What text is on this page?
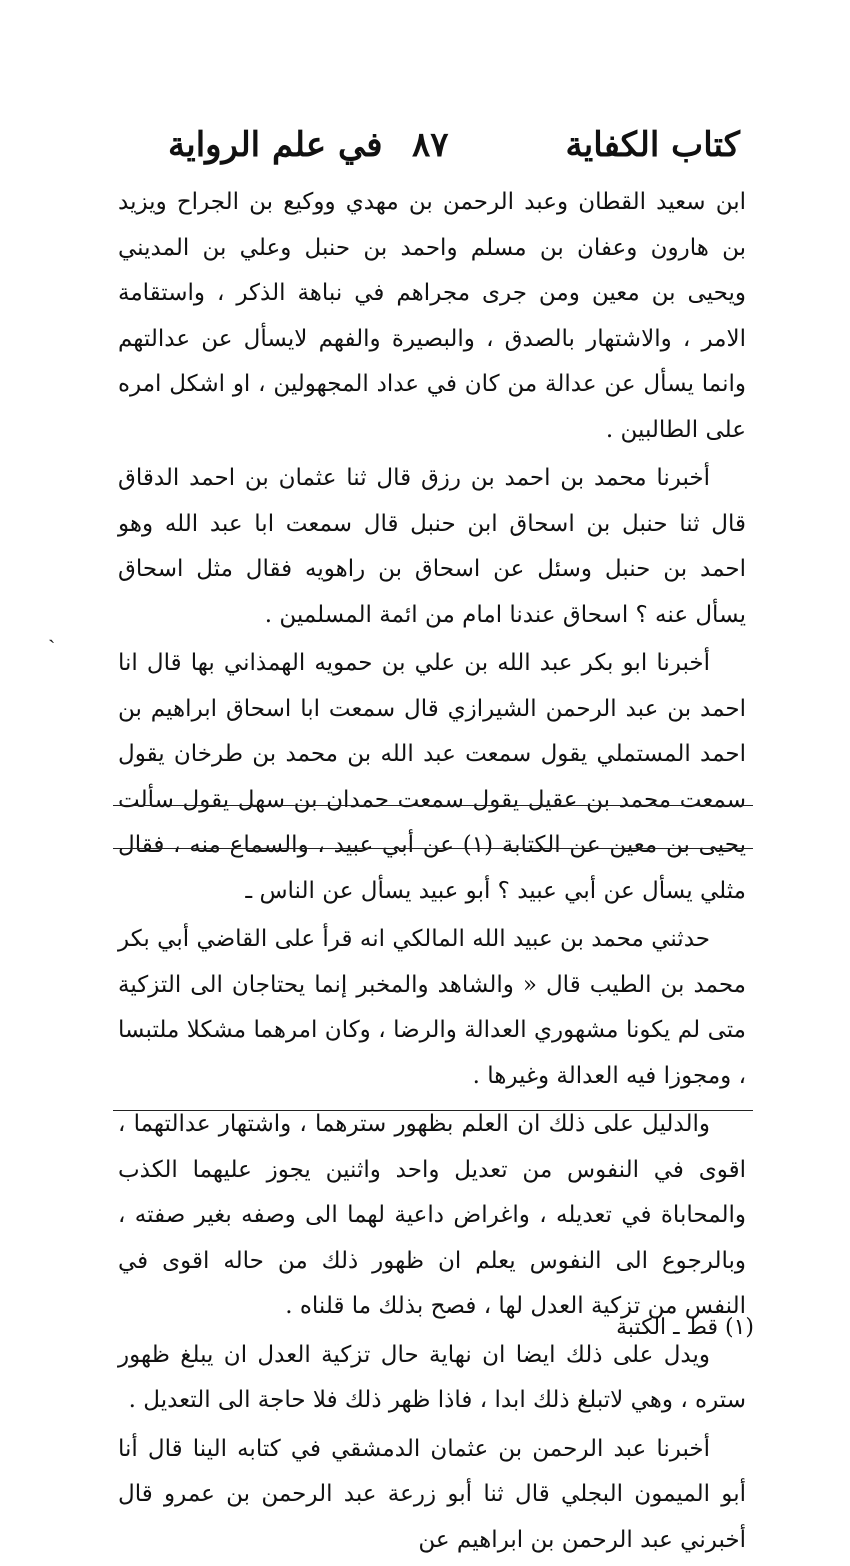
كتاب الكفاية
٨٧
في علم الرواية

ابن سعيد القطان وعبد الرحمن بن مهدي ووكيع بن الجراح ويزيد بن هارون وعفان بن مسلم واحمد بن حنبل وعلي بن المديني ويحيى بن معين ومن جرى مجراهم في نباهة الذكر ، واستقامة الامر ، والاشتهار بالصدق ، والبصيرة والفهم لايسأل عن عدالتهم وانما يسأل عن عدالة من كان في عداد المجهولين ، او اشكل امره على الطالبين .

أخبرنا محمد بن احمد بن رزق قال ثنا عثمان بن احمد الدقاق قال ثنا حنبل بن اسحاق ابن حنبل قال سمعت ابا عبد الله وهو احمد بن حنبل وسئل عن اسحاق بن راهويه فقال مثل اسحاق يسأل عنه ؟ اسحاق عندنا امام من ائمة المسلمين .

أخبرنا ابو بكر عبد الله بن علي بن حمويه الهمذاني بها قال انا احمد بن عبد الرحمن الشيرازي قال سمعت ابا اسحاق ابراهيم بن احمد المستملي يقول سمعت عبد الله بن محمد بن طرخان يقول سمعت محمد بن عقيل يقول سمعت حمدان بن سهل يقول سألت يحيى بن معين عن الكتابة (١) عن أبي عبيد ، والسماع منه ، فقال مثلي يسأل عن أبي عبيد ؟ أبو عبيد يسأل عن الناس ـ

حدثني محمد بن عبيد الله المالكي انه قرأ على القاضي أبي بكر محمد بن الطيب قال « والشاهد والمخبر إنما يحتاجان الى التزكية متى لم يكونا مشهوري العدالة والرضا ، وكان امرهما مشكلا ملتبسا ، ومجوزا فيه العدالة وغيرها .

والدليل على ذلك ان العلم بظهور سترهما ، واشتهار عدالتهما ، اقوى في النفوس من تعديل واحد واثنين يجوز عليهما الكذب والمحاباة في تعديله ، واغراض داعية لهما الى وصفه بغير صفته ، وبالرجوع الى النفوس يعلم ان ظهور ذلك من حاله اقوى في النفس من تزكية العدل لها ، فصح بذلك ما قلناه .

ويدل على ذلك ايضا ان نهاية حال تزكية العدل ان يبلغ ظهور ستره ، وهي لاتبلغ ذلك ابدا ، فاذا ظهر ذلك فلا حاجة الى التعديل .

أخبرنا عبد الرحمن بن عثمان الدمشقي في كتابه الينا قال أنا أبو الميمون البجلي قال ثنا أبو زرعة عبد الرحمن بن عمرو قال أخبرني عبد الرحمن بن ابراهيم عن

ˏ
(١) قط ـ الكتبة
